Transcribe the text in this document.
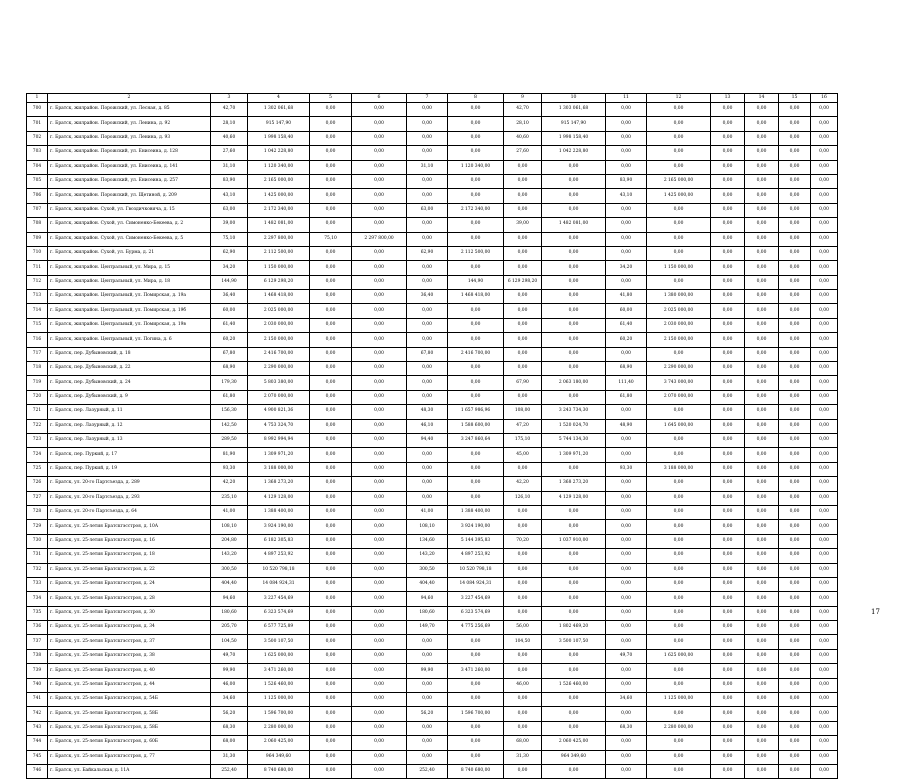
1	2	3	4	5	6	7	8	9	10	11	12	13	14	15	16
700	г. Братск, жилрайон. Порожский, ул. Лесная, д. 85	42,70	1 302 061,68	0,00	0,00	0,00	0,00	42,70	1 303 061,68	0,00	0,00	0,00	0,00	0,00	0,00
701	г. Братск, жилрайон. Порожский, ул. Ленина, д. 92	28,10	915 147,90	0,00	0,00	0,00	0,00	28,10	915 147,90	0,00	0,00	0,00	0,00	0,00	0,00
702	г. Братск, жилрайон. Порожский, ул. Ленина, д. 93	40,60	1 998 158,40	0,00	0,00	0,00	0,00	40,60	1 998 158,40	0,00	0,00	0,00	0,00	0,00	0,00
703	г. Братск, жилрайон. Порожский, ул. Енисеина, д. 128	27,60	1 042 228,80	0,00	0,00	0,00	0,00	27,60	1 042 228,80	0,00	0,00	0,00	0,00	0,00	0,00
704	г. Братск, жилрайон. Порожский, ул. Енисеина, д. 141	31,10	1 120 340,00	0,00	0,00	31,10	1 120 340,00	0,00	0,00	0,00	0,00	0,00	0,00	0,00	0,00
705	г. Братск, жилрайон. Порожский, ул. Енисеина, д. 257	83,90	2 165 000,00	0,00	0,00	0,00	0,00	0,00	0,00	83,90	2 165 000,00	0,00	0,00	0,00	0,00
706	г. Братск, жилрайон. Порожский, ул. Щетиной, д. 209	43,10	1 425 000,00	0,00	0,00	0,00	0,00	0,00	0,00	43,10	1 425 000,00	0,00	0,00	0,00	0,00
707	г. Братск, жилрайон. Сухой, ул. Гвоздичковича, д. 15	63,00	2 172 340,00	0,00	0,00	63,00	2 172 340,00	0,00	0,00	0,00	0,00	0,00	0,00	0,00	0,00
708	г. Братск, жилрайон. Сухой, ул. Симоненко-Бекеева, д. 2	39,00	1 482 081,00	0,00	0,00	0,00	0,00	39,00	1 482 081,00	0,00	0,00	0,00	0,00	0,00	0,00
709	г. Братск, жилрайон. Сухой, ул. Симоненко-Бекеева, д. 5	75,10	2 297 800,00	75,10	2 297 800,00	0,00	0,00	0,00	0,00	0,00	0,00	0,00	0,00	0,00	0,00
710	г. Братск, жилрайон. Сухой, ул. Бурма, д. 21	62,90	2 112 500,00	0,00	0,00	62,90	2 112 500,00	0,00	0,00	0,00	0,00	0,00	0,00	0,00	0,00
711	г. Братск, жилрайон. Центральный, ул. Мира, д. 15	34,20	1 150 000,00	0,00	0,00	0,00	0,00	0,00	0,00	34,20	1 150 000,00	0,00	0,00	0,00	0,00
712	г. Братск, жилрайон. Центральный, ул. Мира, д. 18	144,90	6 129 298,20	0,00	0,00	0,00	144,90	6 129 298,20	0,00	0,00	0,00	0,00	0,00	0,00	0,00
713	г. Братск, жилрайон. Центральный, ул. Помирская, д. 19а	36,40	1 468 418,00	0,00	0,00	36,40	1 468 418,00	0,00	0,00	41,80	1 380 000,00	0,00	0,00	0,00	0,00
714	г. Братск, жилрайон. Центральный, ул. Помирская, д. 19б	60,00	2 025 000,00	0,00	0,00	0,00	0,00	0,00	0,00	60,00	2 025 000,00	0,00	0,00	0,00	0,00
715	г. Братск, жилрайон. Центральный, ул. Помирская, д. 19в	61,40	2 030 000,00	0,00	0,00	0,00	0,00	0,00	0,00	61,40	2 030 000,00	0,00	0,00	0,00	0,00
716	г. Братск, жилрайон. Центральный, ул. Погина, д. 6	60,20	2 150 000,00	0,00	0,00	0,00	0,00	0,00	0,00	60,20	2 150 000,00	0,00	0,00	0,00	0,00
717	г. Братск, пер. Дубыновский, д. 18	67,80	2 416 700,00	0,00	0,00	67,80	2 416 700,00	0,00	0,00	0,00	0,00	0,00	0,00	0,00	0,00
718	г. Братск, пер. Дубыновский, д. 22	68,90	2 290 000,00	0,00	0,00	0,00	0,00	0,00	0,00	68,90	2 290 000,00	0,00	0,00	0,00	0,00
719	г. Братск, пер. Дубыновский, д. 24	179,30	5 803 380,00	0,00	0,00	0,00	0,00	67,90	2 063 180,00	111,40	3 743 000,00	0,00	0,00	0,00	0,00
720	г. Братск, пер. Дубыновский, д. 9	61,80	2 070 000,00	0,00	0,00	0,00	0,00	0,00	0,00	61,80	2 070 000,00	0,00	0,00	0,00	0,00
721	г. Братск, пер. Лазурный, д. 11	156,30	4 900 821,36	0,00	0,00	48,30	1 657 986,96	108,00	3 243 734,30	0,00	0,00	0,00	0,00	0,00	0,00
722	г. Братск, пер. Лазурный, д. 12	142,50	4 753 324,70	0,00	0,00	46,10	1 588 600,00	47,20	1 520 024,70	48,90	1 645 000,00	0,00	0,00	0,00	0,00
723	г. Братск, пер. Лазурный, д. 13	289,50	8 992 994,94	0,00	0,00	94,40	3 247 860,64	175,10	5 744 134,30	0,00	0,00	0,00	0,00	0,00	0,00
724	г. Братск, пер. Пуркий, д. 17	81,90	1 309 971,20	0,00	0,00	0,00	0,00	45,00	1 309 971,20	0,00	0,00	0,00	0,00	0,00	0,00
725	г. Братск, пер. Пуркий, д. 19	93,30	3 188 000,00	0,00	0,00	0,00	0,00	0,00	0,00	93,30	3 188 000,00	0,00	0,00	0,00	0,00
726	г. Братск, ул. 20-го Партсъезда, д. 289	42,20	1 368 273,20	0,00	0,00	0,00	0,00	42,20	1 368 273,20	0,00	0,00	0,00	0,00	0,00	0,00
727	г. Братск, ул. 20-го Партсъезда, д. 293	235,10	4 129 128,00	0,00	0,00	0,00	0,00	126,10	4 129 128,00	0,00	0,00	0,00	0,00	0,00	0,00
728	г. Братск, ул. 20-го Партсъезда, д. 64	41,00	1 388 400,00	0,00	0,00	41,00	1 388 400,00	0,00	0,00	0,00	0,00	0,00	0,00	0,00	0,00
729	г. Братск, ул. 25-летия Братскгэсстроя, д. 10А	108,10	3 924 190,00	0,00	0,00	108,10	3 924 190,00	0,00	0,00	0,00	0,00	0,00	0,00	0,00	0,00
730	г. Братск, ул. 25-летия Братскгэсстроя, д. 16	204,80	6 182 305,83	0,00	0,00	134,60	5 144 395,83	70,20	1 037 910,00	0,00	0,00	0,00	0,00	0,00	0,00
731	г. Братск, ул. 25-летия Братскгэсстроя, д. 18	143,20	4 897 253,92	0,00	0,00	143,20	4 897 253,92	0,00	0,00	0,00	0,00	0,00	0,00	0,00	0,00
732	г. Братск, ул. 25-летия Братскгэсстроя, д. 22	300,50	10 520 798,18	0,00	0,00	300,50	10 520 798,18	0,00	0,00	0,00	0,00	0,00	0,00	0,00	0,00
733	г. Братск, ул. 25-летия Братскгэсстроя, д. 24	404,40	14 084 924,31	0,00	0,00	404,40	14 084 924,31	0,00	0,00	0,00	0,00	0,00	0,00	0,00	0,00
734	г. Братск, ул. 25-летия Братскгэсстроя, д. 28	94,60	3 227 454,69	0,00	0,00	94,60	3 227 454,69	0,00	0,00	0,00	0,00	0,00	0,00	0,00	0,00
735	г. Братск, ул. 25-летия Братскгэсстроя, д. 30	180,60	6 323 574,69	0,00	0,00	180,60	6 323 574,69	0,00	0,00	0,00	0,00	0,00	0,00	0,00	0,00
736	г. Братск, ул. 25-летия Братскгэсстроя, д. 34	205,70	6 577 725,89	0,00	0,00	149,70	4 775 256,69	56,00	1 802 469,20	0,00	0,00	0,00	0,00	0,00	0,00
737	г. Братск, ул. 25-летия Братскгэсстроя, д. 37	104,50	3 500 107,50	0,00	0,00	0,00	0,00	104,50	3 500 107,50	0,00	0,00	0,00	0,00	0,00	0,00
738	г. Братск, ул. 25-летия Братскгэсстроя, д. 38	49,70	1 625 000,00	0,00	0,00	0,00	0,00	0,00	0,00	49,70	1 625 000,00	0,00	0,00	0,00	0,00
739	г. Братск, ул. 25-летия Братскгэсстроя, д. 40	99,90	3 471 260,00	0,00	0,00	99,90	3 471 260,00	0,00	0,00	0,00	0,00	0,00	0,00	0,00	0,00
740	г. Братск, ул. 25-летия Братскгэсстроя, д. 44	46,00	1 526 460,00	0,00	0,00	0,00	0,00	46,00	1 526 460,00	0,00	0,00	0,00	0,00	0,00	0,00
741	г. Братск, ул. 25-летия Братскгэсстроя, д. 54Б	34,60	1 125 000,00	0,00	0,00	0,00	0,00	0,00	0,00	34,60	1 125 000,00	0,00	0,00	0,00	0,00
742	г. Братск, ул. 25-летия Братскгэсстроя, д. 58Б	56,20	1 596 700,00	0,00	0,00	56,20	1 596 700,00	0,00	0,00	0,00	0,00	0,00	0,00	0,00	0,00
743	г. Братск, ул. 25-летия Братскгэсстроя, д. 58Б	68,30	2 280 000,00	0,00	0,00	0,00	0,00	0,00	0,00	68,30	2 280 000,00	0,00	0,00	0,00	0,00
744	г. Братск, ул. 25-летия Братскгэсстроя, д. 60Б	68,00	2 060 425,00	0,00	0,00	0,00	0,00	68,00	2 060 425,00	0,00	0,00	0,00	0,00	0,00	0,00
745	г. Братск, ул. 25-летия Братскгэсстроя, д. 77	31,30	964 349,60	0,00	0,00	0,00	0,00	31,30	964 349,60	0,00	0,00	0,00	0,00	0,00	0,00
746	г. Братск, ул. Байкальская, д. 11А	252,40	8 740 680,00	0,00	0,00	252,40	8 740 680,00	0,00	0,00	0,00	0,00	0,00	0,00	0,00	0,00
17
